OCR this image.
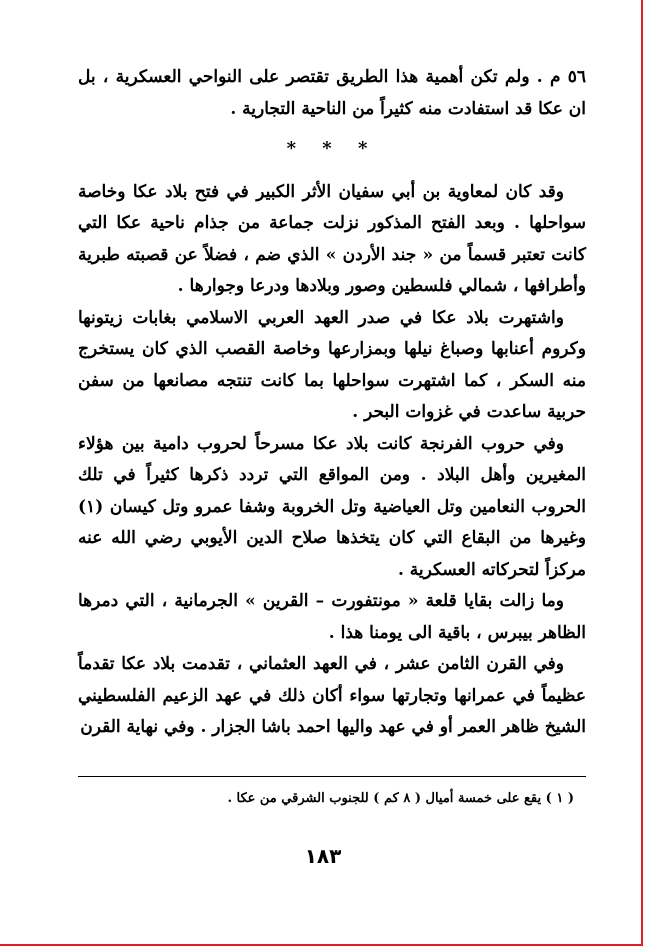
٥٦ م . ولم تكن أهمية هذا الطريق تقتصر على النواحي العسكرية ، بل ان عكا قد استفادت منه كثيراً من الناحية التجارية .

* * *

وقد كان لمعاوية بن أبي سفيان الأثر الكبير في فتح بلاد عكا وخاصة سواحلها . وبعد الفتح المذكور نزلت جماعة من جذام ناحية عكا التي كانت تعتبر قسماً من « جند الأردن » الذي ضم ، فضلاً عن قصبته طبرية وأطرافها ، شمالي فلسطين وصور وبلادها ودرعا وجوارها .

واشتهرت بلاد عكا في صدر العهد العربي الاسلامي بغابات زيتونها وكروم أعنابها وصباغ نيلها وبمزارعها وخاصة القصب الذي كان يستخرج منه السكر ، كما اشتهرت سواحلها بما كانت تنتجه مصانعها من سفن حربية ساعدت في غزوات البحر .

وفي حروب الفرنجة كانت بلاد عكا مسرحاً لحروب دامية بين هؤلاء المغيرين وأهل البلاد . ومن المواقع التي تردد ذكرها كثيراً في تلك الحروب النعامين وتل العياضية وتل الخروبة وشفا عمرو وتل كيسان (١) وغيرها من البقاع التي كان يتخذها صلاح الدين الأيوبي رضي الله عنه مركزاً لتحركاته العسكرية .

وما زالت بقايا قلعة « مونتفورت – القرين » الجرمانية ، التي دمرها الظاهر بيبرس ، باقية الى يومنا هذا .

وفي القرن الثامن عشر ، في العهد العثماني ، تقدمت بلاد عكا تقدماً عظيماً في عمرانها وتجارتها سواء أكان ذلك في عهد الزعيم الفلسطيني الشيخ ظاهر العمر أو في عهد واليها احمد باشا الجزار . وفي نهاية القرن

( ١ ) يقع على خمسة أميال ( ٨ كم ) للجنوب الشرقي من عكا .
١٨٣
